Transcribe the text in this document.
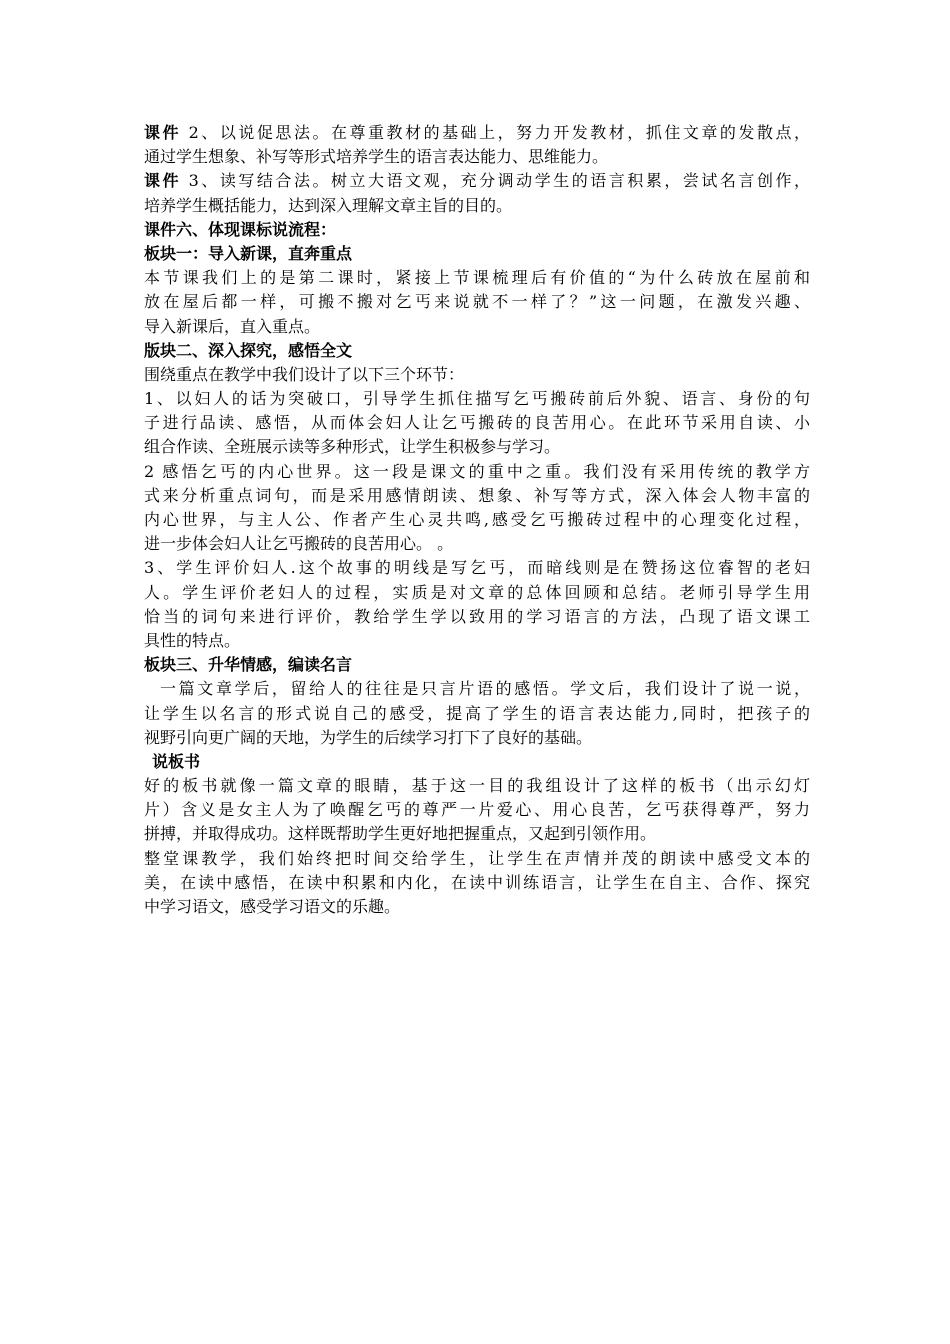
课件 2、以说促思法。在尊重教材的基础上，努力开发教材，抓住文章的发散点，
通过学生想象、补写等形式培养学生的语言表达能力、思维能力。
课件 3、读写结合法。树立大语文观，充分调动学生的语言积累，尝试名言创作，
培养学生概括能力，达到深入理解文章主旨的目的。
课件六、体现课标说流程：
板块一：导入新课，直奔重点
本节课我们上的是第二课时，紧接上节课梳理后有价值的“为什么砖放在屋前和
放在屋后都一样，可搬不搬对乞丐来说就不一样了？”这一问题，在激发兴趣、
导入新课后，直入重点。
版块二、深入探究，感悟全文
围绕重点在教学中我们设计了以下三个环节：
1、以妇人的话为突破口，引导学生抓住描写乞丐搬砖前后外貌、语言、身份的句
子进行品读、感悟，从而体会妇人让乞丐搬砖的良苦用心。在此环节采用自读、小
组合作读、全班展示读等多种形式，让学生积极参与学习。
2 感悟乞丐的内心世界。这一段是课文的重中之重。我们没有采用传统的教学方
式来分析重点词句，而是采用感情朗读、想象、补写等方式，深入体会人物丰富的
内心世界，与主人公、作者产生心灵共鸣,感受乞丐搬砖过程中的心理变化过程，
进一步体会妇人让乞丐搬砖的良苦用心。 。
3、学生评价妇人.这个故事的明线是写乞丐，而暗线则是在赞扬这位睿智的老妇
人。学生评价老妇人的过程，实质是对文章的总体回顾和总结。老师引导学生用
恰当的词句来进行评价，教给学生学以致用的学习语言的方法，凸现了语文课工
具性的特点。
板块三、升华情感，编读名言
一篇文章学后，留给人的往往是只言片语的感悟。学文后，我们设计了说一说，
让学生以名言的形式说自己的感受，提高了学生的语言表达能力,同时，把孩子的
视野引向更广阔的天地，为学生的后续学习打下了良好的基础。
说板书
好的板书就像一篇文章的眼睛，基于这一目的我组设计了这样的板书（出示幻灯
片）含义是女主人为了唤醒乞丐的尊严一片爱心、用心良苦，乞丐获得尊严，努力
拼搏，并取得成功。这样既帮助学生更好地把握重点，又起到引领作用。
整堂课教学，我们始终把时间交给学生，让学生在声情并茂的朗读中感受文本的
美，在读中感悟，在读中积累和内化，在读中训练语言，让学生在自主、合作、探究
中学习语文，感受学习语文的乐趣。
